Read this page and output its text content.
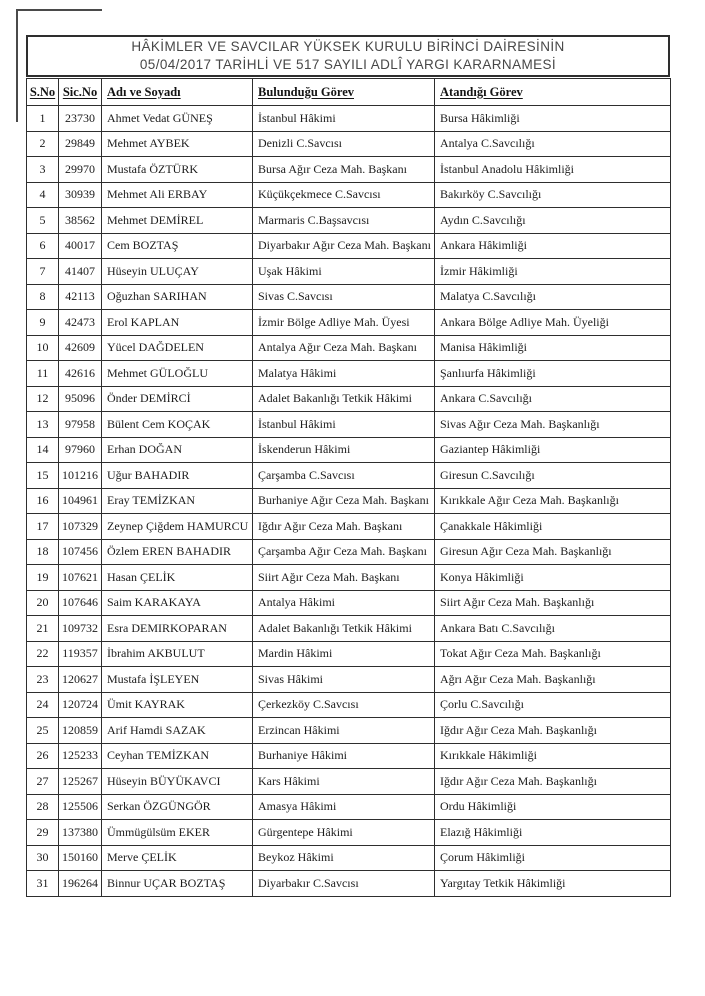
HÂKİMLER VE SAVCILAR YÜKSEK KURULU BİRİNCİ DAİRESİNİN
05/04/2017 TARİHLİ VE 517 SAYILI ADLÎ YARGI KARARNAMESİ
S.No	Sic.No	Adı ve Soyadı	Bulunduğu Görev	Atandığı Görev
1	23730	Ahmet Vedat GÜNEŞ	İstanbul Hâkimi	Bursa Hâkimliği
2	29849	Mehmet AYBEK	Denizli C.Savcısı	Antalya C.Savcılığı
3	29970	Mustafa ÖZTÜRK	Bursa Ağır Ceza Mah. Başkanı	İstanbul Anadolu Hâkimliği
4	30939	Mehmet Ali ERBAY	Küçükçekmece C.Savcısı	Bakırköy C.Savcılığı
5	38562	Mehmet DEMİREL	Marmaris C.Başsavcısı	Aydın C.Savcılığı
6	40017	Cem BOZTAŞ	Diyarbakır Ağır Ceza Mah. Başkanı	Ankara Hâkimliği
7	41407	Hüseyin ULUÇAY	Uşak Hâkimi	İzmir Hâkimliği
8	42113	Oğuzhan SARIHAN	Sivas C.Savcısı	Malatya C.Savcılığı
9	42473	Erol KAPLAN	İzmir Bölge Adliye Mah. Üyesi	Ankara Bölge Adliye Mah. Üyeliği
10	42609	Yücel DAĞDELEN	Antalya Ağır Ceza Mah. Başkanı	Manisa Hâkimliği
11	42616	Mehmet GÜLOĞLU	Malatya Hâkimi	Şanlıurfa Hâkimliği
12	95096	Önder DEMİRCİ	Adalet Bakanlığı Tetkik Hâkimi	Ankara C.Savcılığı
13	97958	Bülent Cem KOÇAK	İstanbul Hâkimi	Sivas Ağır Ceza Mah. Başkanlığı
14	97960	Erhan DOĞAN	İskenderun Hâkimi	Gaziantep Hâkimliği
15	101216	Uğur BAHADIR	Çarşamba C.Savcısı	Giresun C.Savcılığı
16	104961	Eray TEMİZKAN	Burhaniye Ağır Ceza Mah. Başkanı	Kırıkkale Ağır Ceza Mah. Başkanlığı
17	107329	Zeynep Çiğdem HAMURCU	Iğdır Ağır Ceza Mah. Başkanı	Çanakkale Hâkimliği
18	107456	Özlem EREN BAHADIR	Çarşamba Ağır Ceza Mah. Başkanı	Giresun Ağır Ceza Mah. Başkanlığı
19	107621	Hasan ÇELİK	Siirt Ağır Ceza Mah. Başkanı	Konya Hâkimliği
20	107646	Saim KARAKAYA	Antalya Hâkimi	Siirt Ağır Ceza Mah. Başkanlığı
21	109732	Esra DEMIRKOPARAN	Adalet Bakanlığı Tetkik Hâkimi	Ankara Batı C.Savcılığı
22	119357	İbrahim AKBULUT	Mardin Hâkimi	Tokat Ağır Ceza Mah. Başkanlığı
23	120627	Mustafa İŞLEYEN	Sivas Hâkimi	Ağrı Ağır Ceza Mah. Başkanlığı
24	120724	Ümit KAYRAK	Çerkezköy C.Savcısı	Çorlu C.Savcılığı
25	120859	Arif Hamdi SAZAK	Erzincan Hâkimi	Iğdır Ağır Ceza Mah. Başkanlığı
26	125233	Ceyhan TEMİZKAN	Burhaniye Hâkimi	Kırıkkale Hâkimliği
27	125267	Hüseyin BÜYÜKAVCI	Kars Hâkimi	Iğdır Ağır Ceza Mah. Başkanlığı
28	125506	Serkan ÖZGÜNGÖR	Amasya Hâkimi	Ordu Hâkimliği
29	137380	Ümmügülsüm EKER	Gürgentepe Hâkimi	Elazığ Hâkimliği
30	150160	Merve ÇELİK	Beykoz Hâkimi	Çorum Hâkimliği
31	196264	Binnur UÇAR BOZTAŞ	Diyarbakır C.Savcısı	Yargıtay Tetkik Hâkimliği
